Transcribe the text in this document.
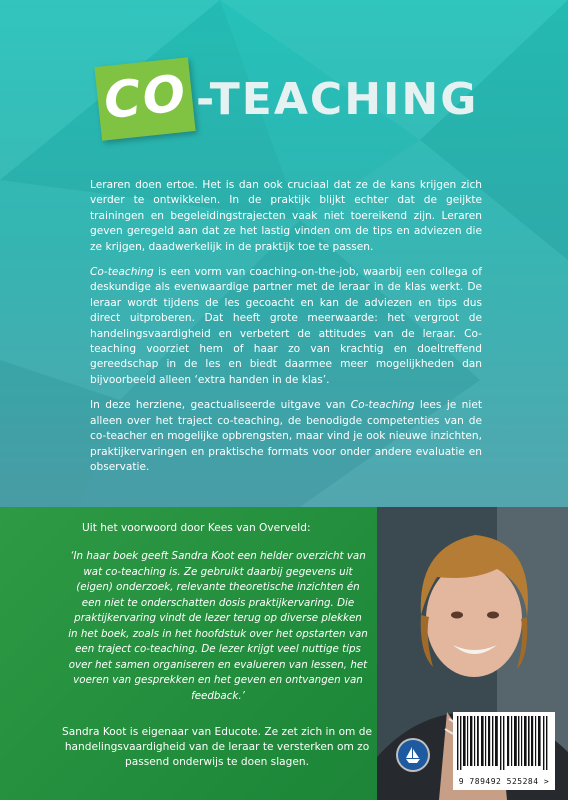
CO -TEACHING

Leraren doen ertoe. Het is dan ook cruciaal dat ze de kans krijgen zich verder te ontwikkelen. In de praktijk blijkt echter dat de geijkte trainingen en begeleidingstrajecten vaak niet toereikend zijn. Leraren geven geregeld aan dat ze het lastig vinden om de tips en adviezen die ze krijgen, daadwerkelijk in de praktijk toe te passen.

Co-teaching is een vorm van coaching-on-the-job, waarbij een collega of deskundige als evenwaardige partner met de leraar in de klas werkt. De leraar wordt tijdens de les gecoacht en kan de adviezen en tips dus direct uitproberen. Dat heeft grote meerwaarde: het vergroot de handelingsvaardigheid en verbetert de attitudes van de leraar. Co-teaching voorziet hem of haar zo van krachtig en doeltreffend gereedschap in de les en biedt daarmee meer mogelijkheden dan bijvoorbeeld alleen ‘extra handen in de klas’.

In deze herziene, geactualiseerde uitgave van Co-teaching lees je niet alleen over het traject co-teaching, de benodigde competenties van de co-teacher en mogelijke opbrengsten, maar vind je ook nieuwe inzichten, praktijkervaringen en praktische formats voor onder andere evaluatie en observatie.

Uit het voorwoord door Kees van Overveld:
‘In haar boek geeft Sandra Koot een helder overzicht van wat co-teaching is. Ze gebruikt daarbij gegevens uit (eigen) onderzoek, relevante theoretische inzichten én een niet te onderschatten dosis praktijkervaring. Die praktijkervaring vindt de lezer terug op diverse plekken in het boek, zoals in het hoofdstuk over het opstarten van een traject co-teaching. De lezer krijgt veel nuttige tips over het samen organiseren en evalueren van lessen, het voeren van gesprekken en het geven en ontvangen van feedback.’
Sandra Koot is eigenaar van Educote. Ze zet zich in om de handelingsvaardigheid van de leraar te versterken om zo passend onderwijs te doen slagen.
9 789492 525284 >
